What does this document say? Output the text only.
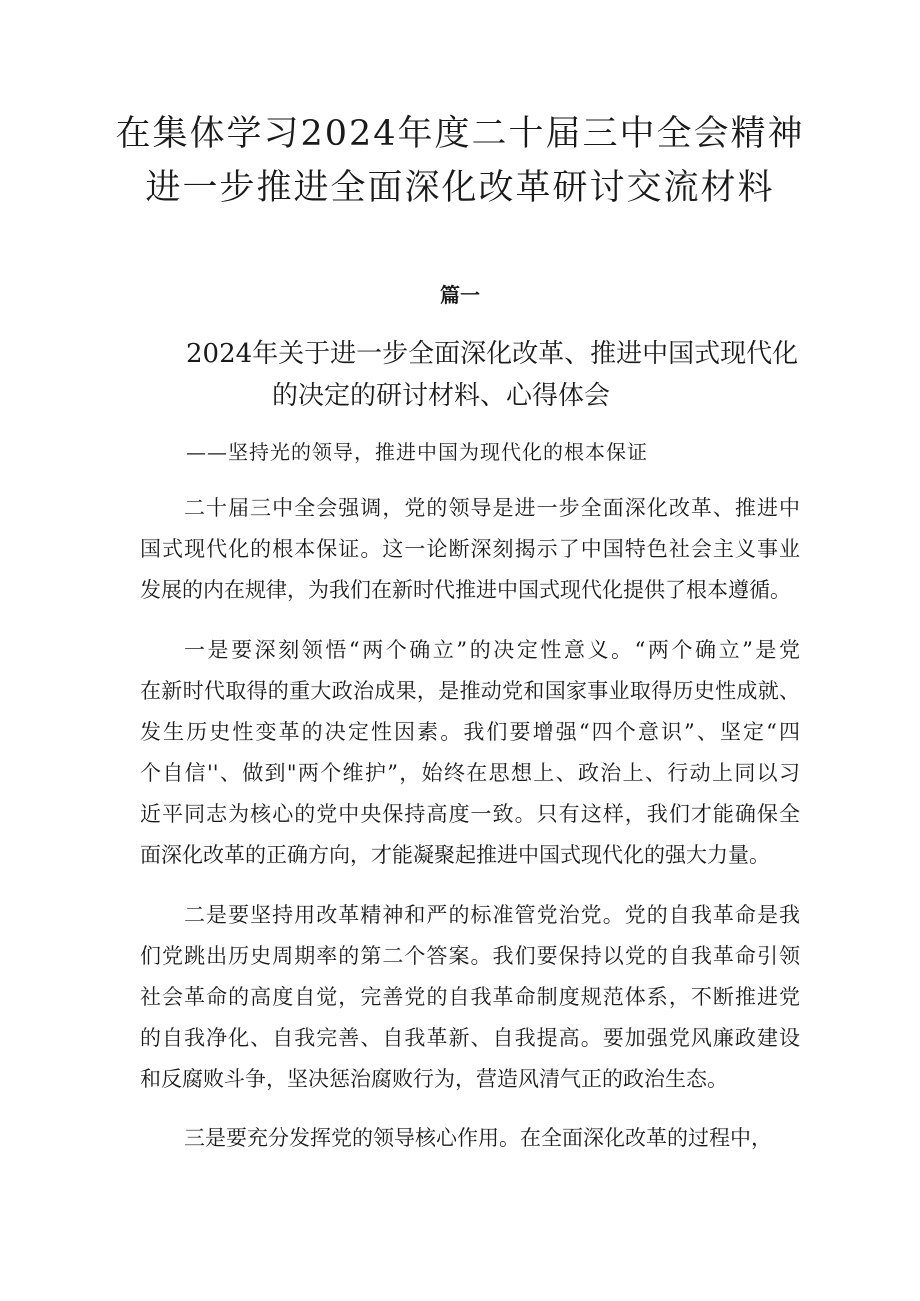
在集体学习2024年度二十届三中全会精神
进一步推进全面深化改革研讨交流材料
篇一
2024年关于进一步全面深化改革、推进中国式现代化
的决定的研讨材料、心得体会
——坚持光的领导，推进中国为现代化的根本保证
二十届三中全会强调，党的领导是进一步全面深化改革、推进中
国式现代化的根本保证。这一论断深刻揭示了中国特色社会主义事业
发展的内在规律，为我们在新时代推进中国式现代化提供了根本遵循。
一是要深刻领悟“两个确立”的决定性意义。“两个确立”是党
在新时代取得的重大政治成果，是推动党和国家事业取得历史性成就、
发生历史性变革的决定性因素。我们要增强“四个意识”、坚定“四
个自信''、做到"两个维护”，始终在思想上、政治上、行动上同以习
近平同志为核心的党中央保持高度一致。只有这样，我们才能确保全
面深化改革的正确方向，才能凝聚起推进中国式现代化的强大力量。
二是要坚持用改革精神和严的标准管党治党。党的自我革命是我
们党跳出历史周期率的第二个答案。我们要保持以党的自我革命引领
社会革命的高度自觉，完善党的自我革命制度规范体系，不断推进党
的自我净化、自我完善、自我革新、自我提高。要加强党风廉政建设
和反腐败斗争，坚决惩治腐败行为，营造风清气正的政治生态。
三是要充分发挥党的领导核心作用。在全面深化改革的过程中，
